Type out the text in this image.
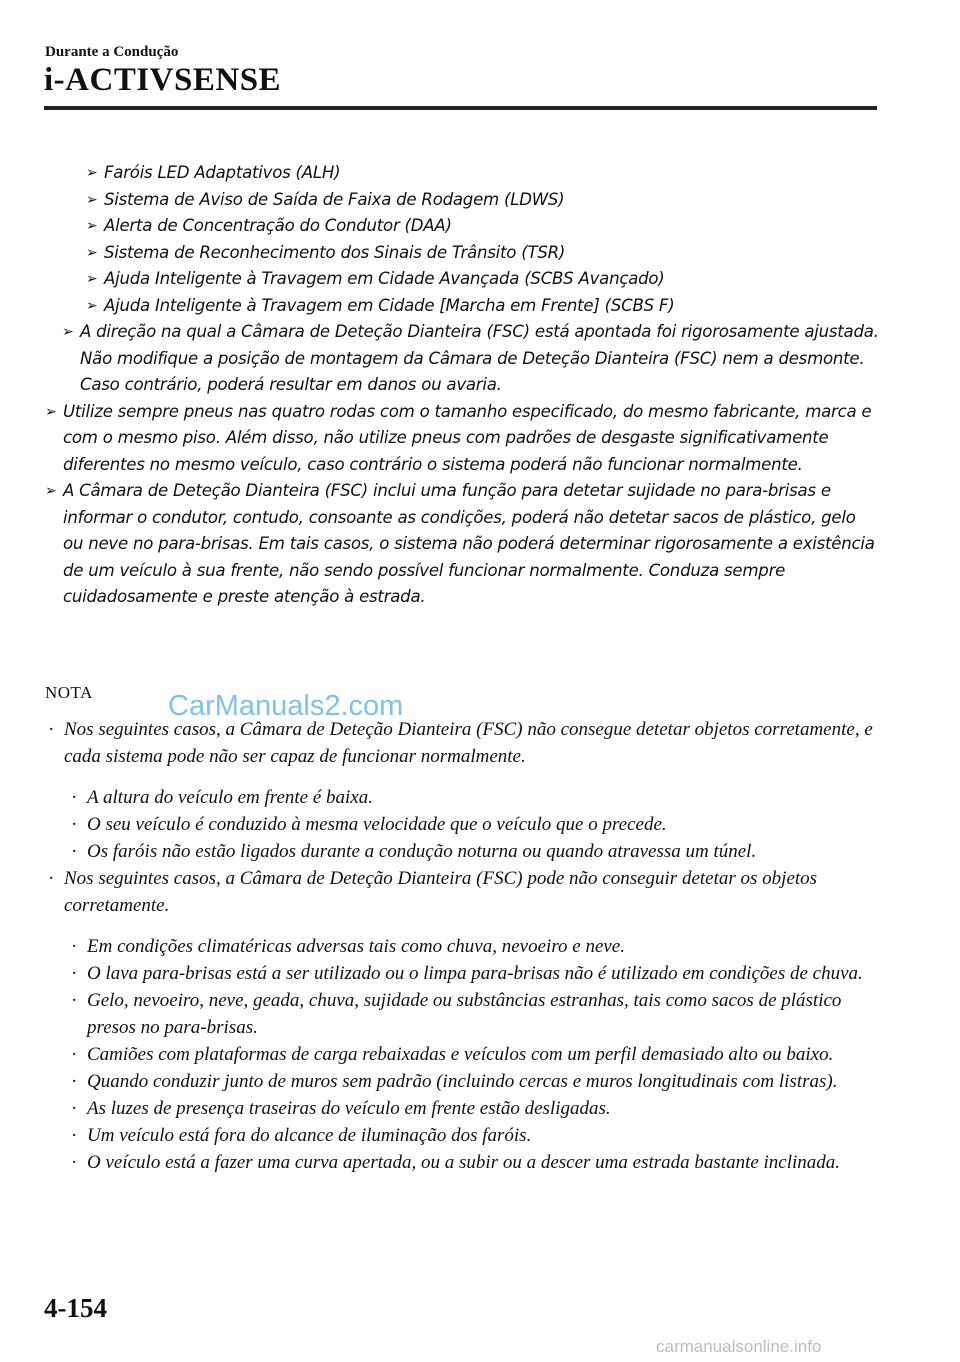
Durante a Condução
i-ACTIVSENSE
➢ Faróis LED Adaptativos (ALH)
➢ Sistema de Aviso de Saída de Faixa de Rodagem (LDWS)
➢ Alerta de Concentração do Condutor (DAA)
➢ Sistema de Reconhecimento dos Sinais de Trânsito (TSR)
➢ Ajuda Inteligente à Travagem em Cidade Avançada (SCBS Avançado)
➢ Ajuda Inteligente à Travagem em Cidade [Marcha em Frente] (SCBS F)
➢ A direção na qual a Câmara de Deteção Dianteira (FSC) está apontada foi rigorosamente ajustada. Não modifique a posição de montagem da Câmara de Deteção Dianteira (FSC) nem a desmonte. Caso contrário, poderá resultar em danos ou avaria.
➢ Utilize sempre pneus nas quatro rodas com o tamanho especificado, do mesmo fabricante, marca e com o mesmo piso. Além disso, não utilize pneus com padrões de desgaste significativamente diferentes no mesmo veículo, caso contrário o sistema poderá não funcionar normalmente.
➢ A Câmara de Deteção Dianteira (FSC) inclui uma função para detetar sujidade no para-brisas e informar o condutor, contudo, consoante as condições, poderá não detetar sacos de plástico, gelo ou neve no para-brisas. Em tais casos, o sistema não poderá determinar rigorosamente a existência de um veículo à sua frente, não sendo possível funcionar normalmente. Conduza sempre cuidadosamente e preste atenção à estrada.
NOTA	CarManuals2.com
· Nos seguintes casos, a Câmara de Deteção Dianteira (FSC) não consegue detetar objetos corretamente, e cada sistema pode não ser capaz de funcionar normalmente.
· A altura do veículo em frente é baixa.
· O seu veículo é conduzido à mesma velocidade que o veículo que o precede.
· Os faróis não estão ligados durante a condução noturna ou quando atravessa um túnel.
· Nos seguintes casos, a Câmara de Deteção Dianteira (FSC) pode não conseguir detetar os objetos corretamente.
· Em condições climatéricas adversas tais como chuva, nevoeiro e neve.
· O lava para-brisas está a ser utilizado ou o limpa para-brisas não é utilizado em condições de chuva.
· Gelo, nevoeiro, neve, geada, chuva, sujidade ou substâncias estranhas, tais como sacos de plástico presos no para-brisas.
· Camiões com plataformas de carga rebaixadas e veículos com um perfil demasiado alto ou baixo.
· Quando conduzir junto de muros sem padrão (incluindo cercas e muros longitudinais com listras).
· As luzes de presença traseiras do veículo em frente estão desligadas.
· Um veículo está fora do alcance de iluminação dos faróis.
· O veículo está a fazer uma curva apertada, ou a subir ou a descer uma estrada bastante inclinada.
4-154
carmanualsonline.info
